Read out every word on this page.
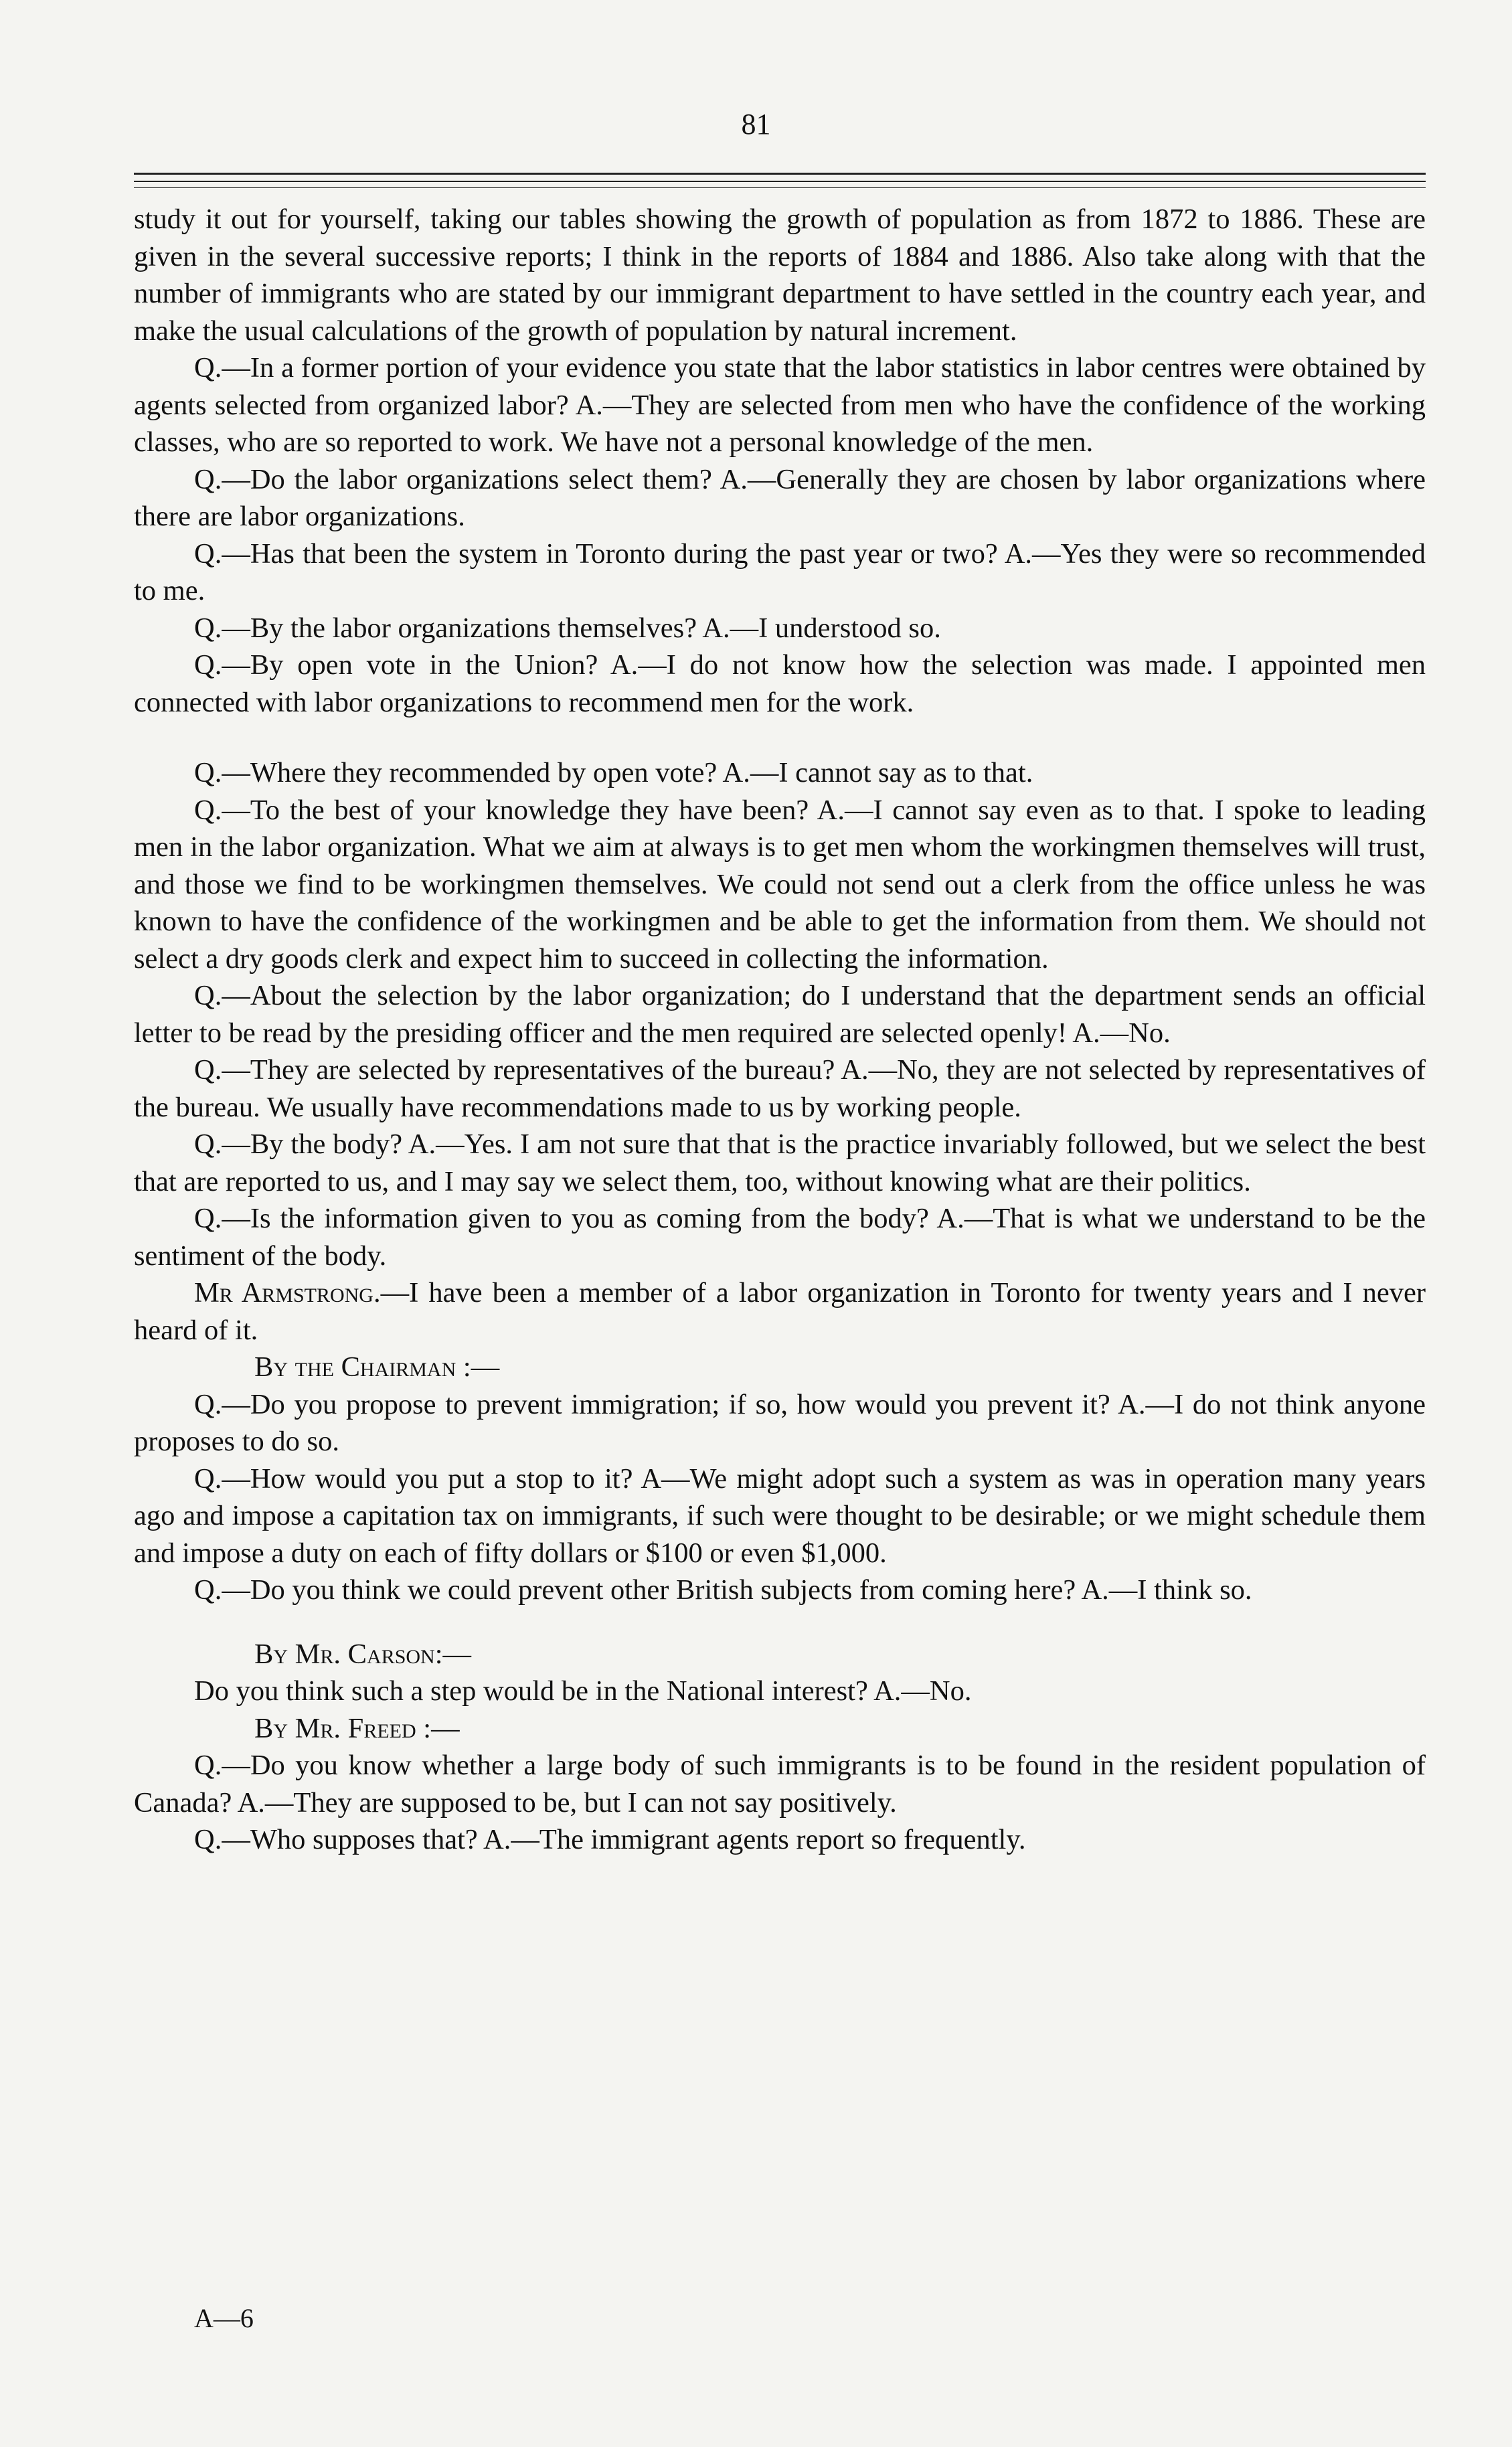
81

study it out for yourself, taking our tables showing the growth of population as from 1872 to 1886. These are given in the several successive reports; I think in the reports of 1884 and 1886. Also take along with that the number of immigrants who are stated by our immigrant department to have settled in the country each year, and make the usual calculations of the growth of population by natural increment.

Q.—In a former portion of your evidence you state that the labor statistics in labor centres were obtained by agents selected from organized labor? A.—They are selected from men who have the confidence of the working classes, who are so reported to work. We have not a personal knowledge of the men.

Q.—Do the labor organizations select them? A.—Generally they are chosen by labor organizations where there are labor organizations.

Q.—Has that been the system in Toronto during the past year or two? A.—Yes they were so recommended to me.

Q.—By the labor organizations themselves? A.—I understood so.

Q.—By open vote in the Union? A.—I do not know how the selection was made. I appointed men connected with labor organizations to recommend men for the work.

Q.—Where they recommended by open vote? A.—I cannot say as to that.

Q.—To the best of your knowledge they have been? A.—I cannot say even as to that. I spoke to leading men in the labor organization. What we aim at always is to get men whom the workingmen themselves will trust, and those we find to be workingmen themselves. We could not send out a clerk from the office unless he was known to have the confidence of the workingmen and be able to get the information from them. We should not select a dry goods clerk and expect him to succeed in collecting the information.

Q.—About the selection by the labor organization; do I understand that the department sends an official letter to be read by the presiding officer and the men required are selected openly! A.—No.

Q.—They are selected by representatives of the bureau? A.—No, they are not selected by representatives of the bureau. We usually have recommendations made to us by working people.

Q.—By the body? A.—Yes. I am not sure that that is the practice invariably followed, but we select the best that are reported to us, and I may say we select them, too, without knowing what are their politics.

Q.—Is the information given to you as coming from the body? A.—That is what we understand to be the sentiment of the body.

Mr Armstrong.—I have been a member of a labor organization in Toronto for twenty years and I never heard of it.

By the Chairman :—

Q.—Do you propose to prevent immigration; if so, how would you prevent it? A.—I do not think anyone proposes to do so.

Q.—How would you put a stop to it? A—We might adopt such a system as was in operation many years ago and impose a capitation tax on immigrants, if such were thought to be desirable; or we might schedule them and impose a duty on each of fifty dollars or $100 or even $1,000.

Q.—Do you think we could prevent other British subjects from coming here? A.—I think so.

By Mr. Carson:—

Do you think such a step would be in the National interest? A.—No.

By Mr. Freed :—

Q.—Do you know whether a large body of such immigrants is to be found in the resident population of Canada? A.—They are supposed to be, but I can not say positively.

Q.—Who supposes that? A.—The immigrant agents report so frequently.

A—6
